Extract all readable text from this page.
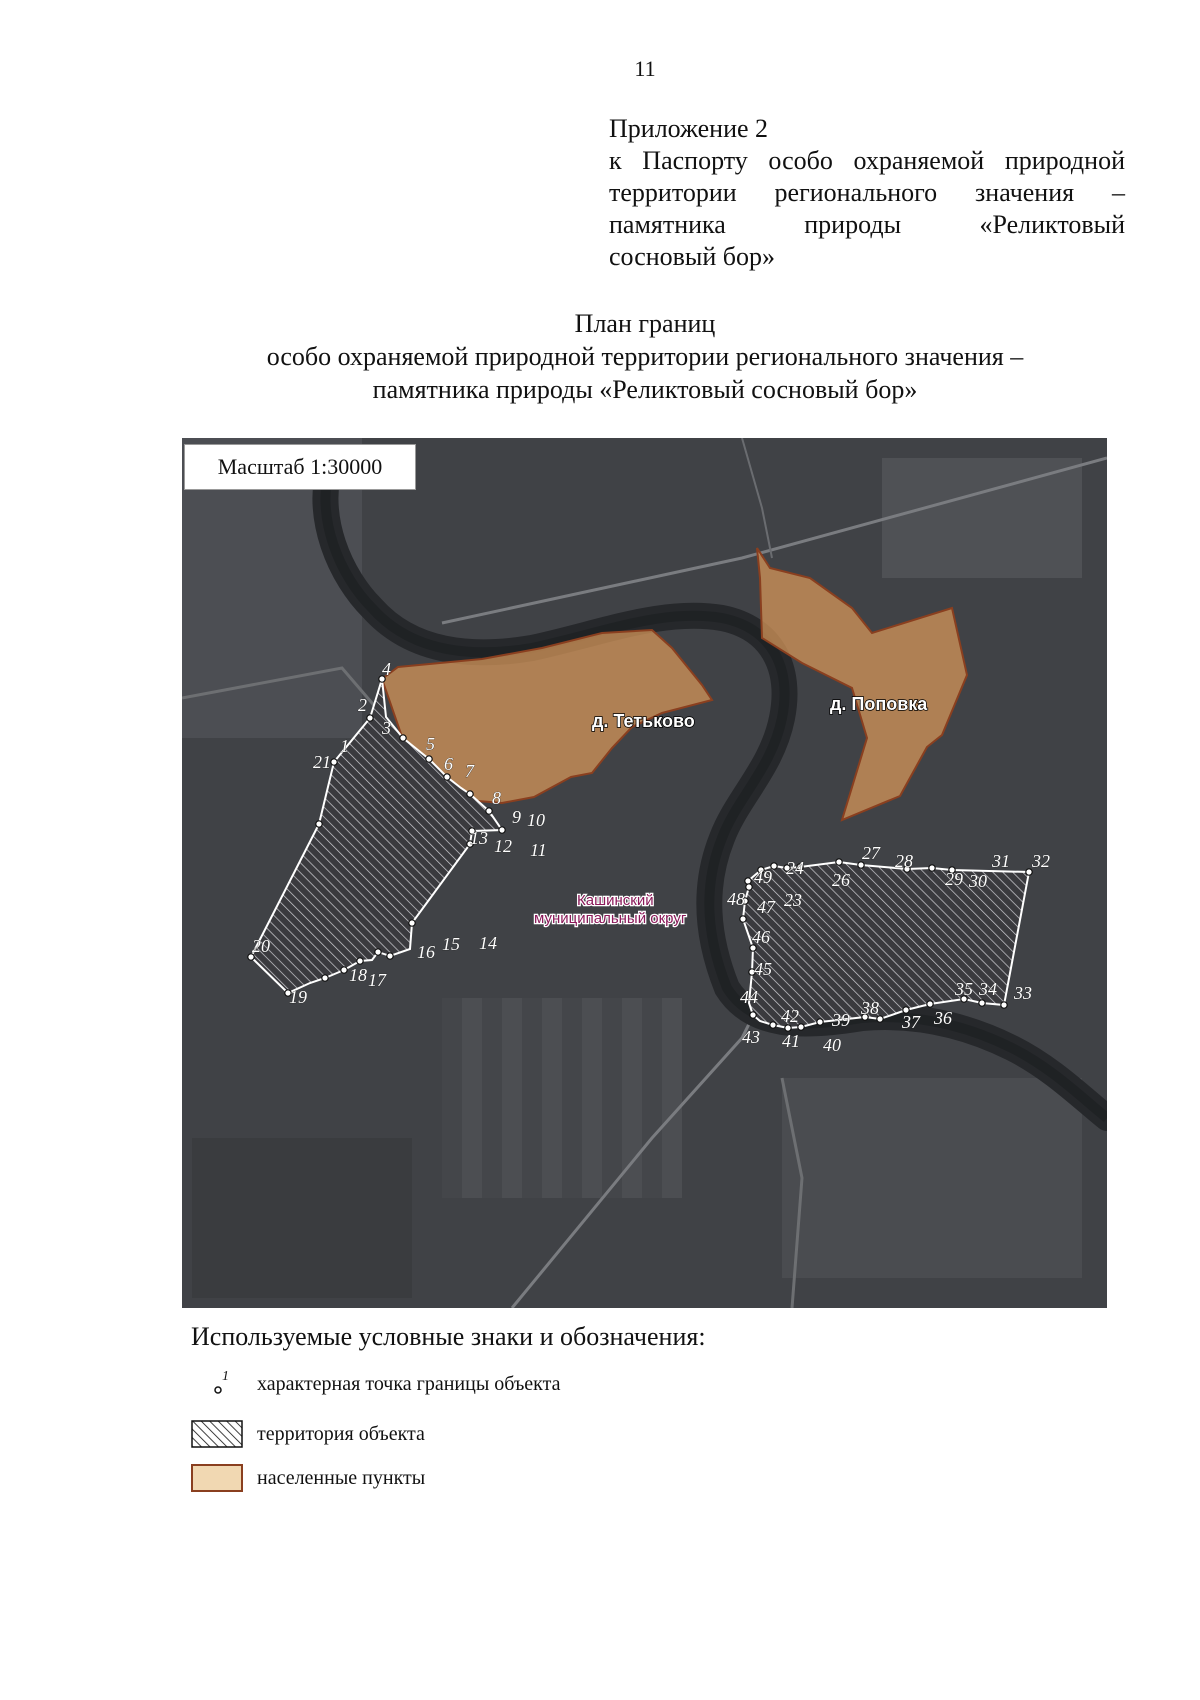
11
Приложение 2
к Паспорту особо охраняемой природной
территории регионального значения –
памятника природы «Реликтовый
сосновый бор»
План границ
особо охраняемой природной территории регионального значения –
памятника природы «Реликтовый сосновый бор»
1
2
3
4
5
6 7
8
9 10
11
12
13
14
15
16
17
18
19
20
21
23
24
26
27 28
29 30
31 32
33
34
35
36
37
38
39
40
41
42
43
44
45
46
47
48
49
д. Тетьково
д. Поповка
Кашинский
муниципальный округ
Масштаб 1:30000
Используемые условные знаки и обозначения:
1 характерная точка границы объекта
территория объекта
населенные пункты
